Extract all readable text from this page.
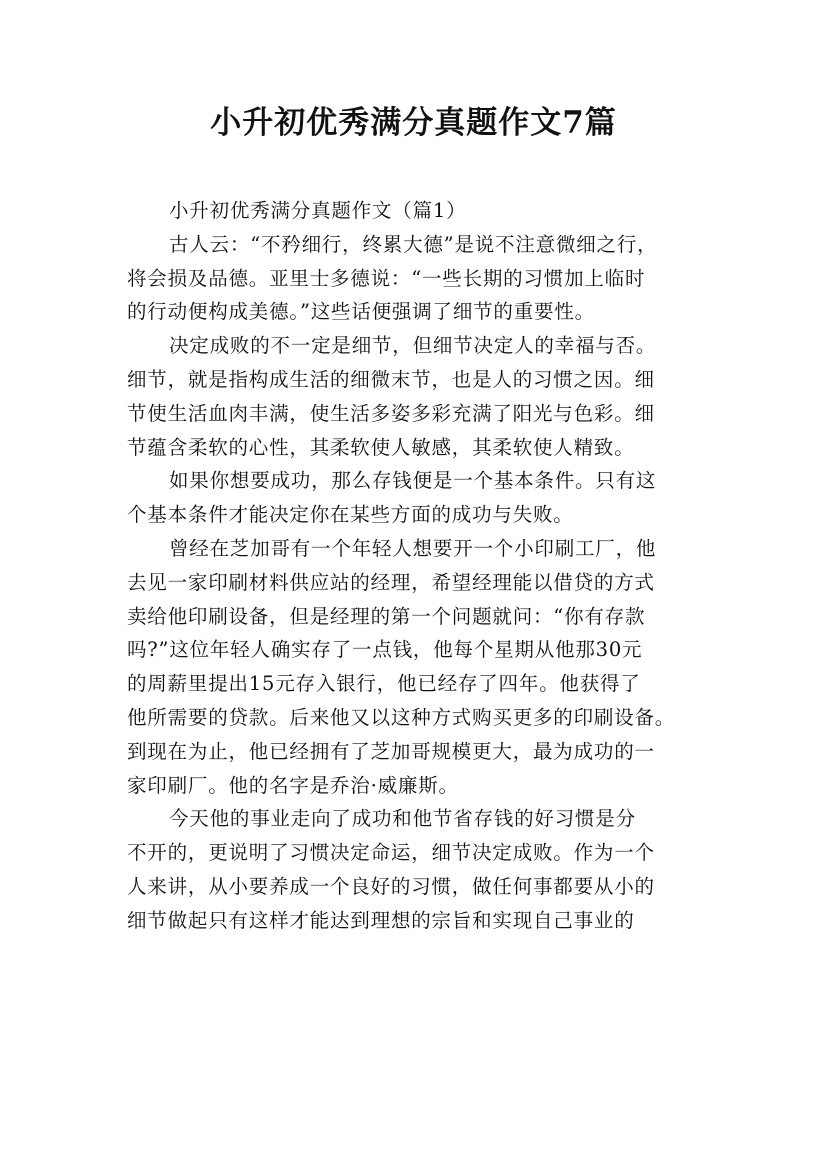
小升初优秀满分真题作文7篇
小升初优秀满分真题作文（篇1）
古人云：“不矜细行，终累大德”是说不注意微细之行，
将会损及品德。亚里士多德说：“一些长期的习惯加上临时
的行动便构成美德。”这些话便强调了细节的重要性。
决定成败的不一定是细节，但细节决定人的幸福与否。
细节，就是指构成生活的细微末节，也是人的习惯之因。细
节使生活血肉丰满，使生活多姿多彩充满了阳光与色彩。细
节蕴含柔软的心性，其柔软使人敏感，其柔软使人精致。
如果你想要成功，那么存钱便是一个基本条件。只有这
个基本条件才能决定你在某些方面的成功与失败。
曾经在芝加哥有一个年轻人想要开一个小印刷工厂，他
去见一家印刷材料供应站的经理，希望经理能以借贷的方式
卖给他印刷设备，但是经理的第一个问题就问：“你有存款
吗?”这位年轻人确实存了一点钱，他每个星期从他那30元
的周薪里提出15元存入银行，他已经存了四年。他获得了
他所需要的贷款。后来他又以这种方式购买更多的印刷设备。
到现在为止，他已经拥有了芝加哥规模更大，最为成功的一
家印刷厂。他的名字是乔治·威廉斯。
今天他的事业走向了成功和他节省存钱的好习惯是分
不开的，更说明了习惯决定命运，细节决定成败。作为一个
人来讲，从小要养成一个良好的习惯，做任何事都要从小的
细节做起只有这样才能达到理想的宗旨和实现自己事业的
